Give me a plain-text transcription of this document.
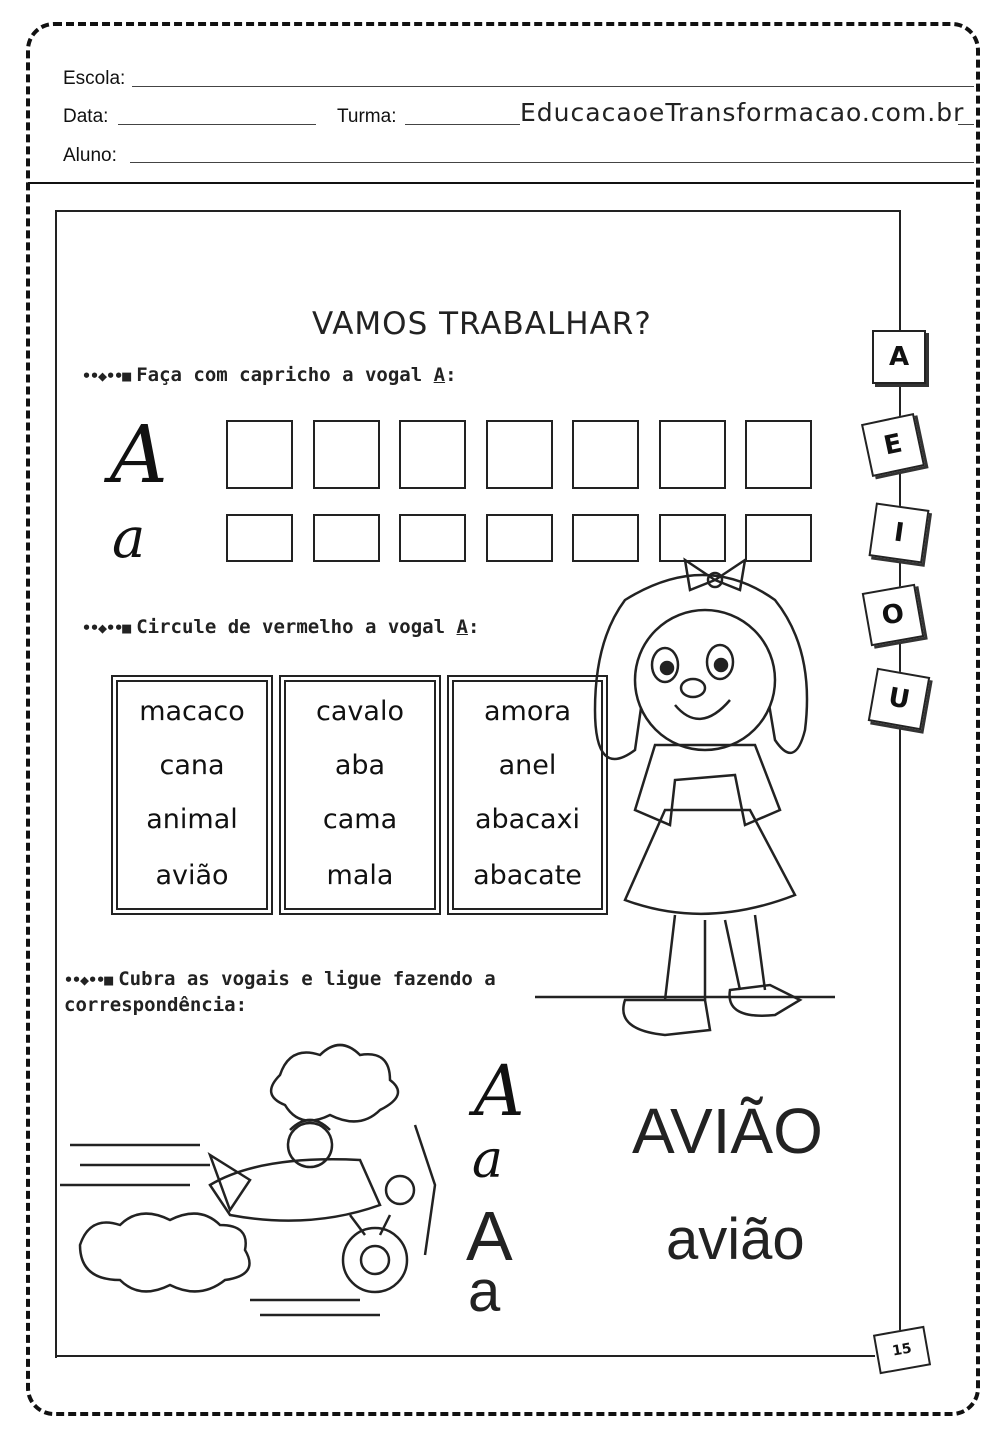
Escola:
Data:	Turma:	EducacaoeTransformacao.com.br
Aluno:
VAMOS TRABALHAR?
••◆••■ Faça com capricho a vogal A:
A
a
••◆••■ Circule de vermelho a vogal A:
macaco
cana
animal
avião
cavalo
aba
cama
mala
amora
anel
abacaxi
abacate
A
E
I
O
U
••◆••■ Cubra as vogais e ligue fazendo a
correspondência:
A
a
A
a
AVIÃO
avião
15
